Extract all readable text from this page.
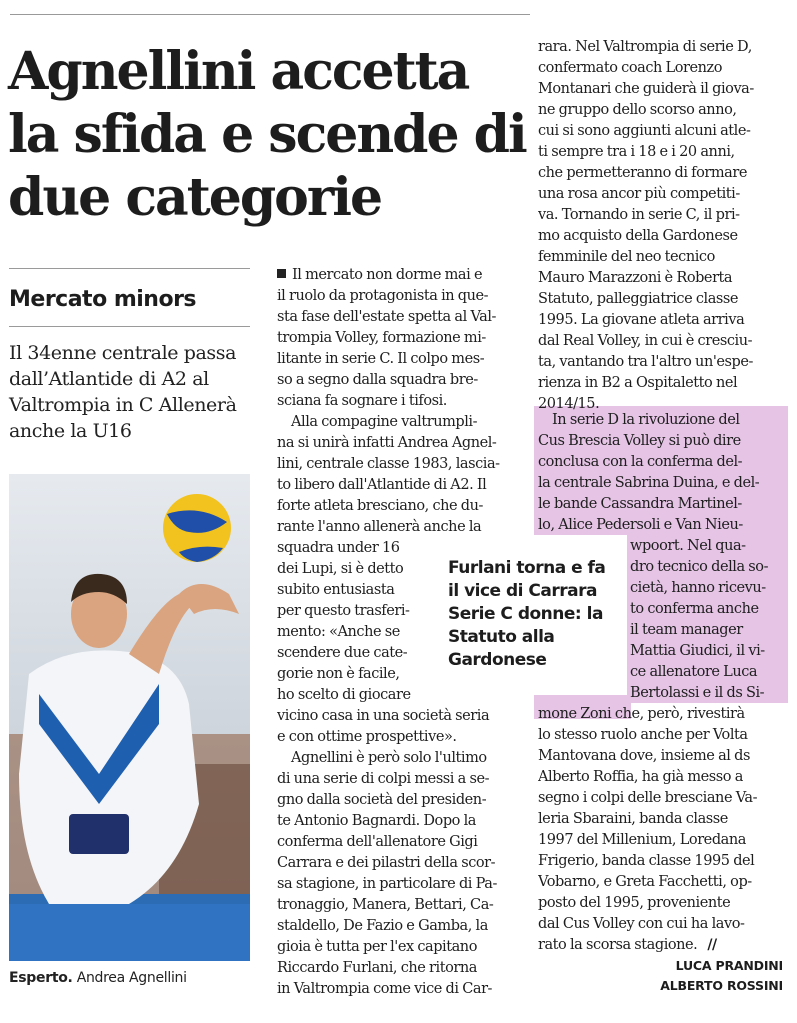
Agnellini accetta la sfida e scende di due categorie
Mercato minors

Il 34enne centrale passa dall’Atlantide di A2 al Valtrompia in C Allenerà anche la U16

Esperto. Andrea Agnellini

Il mercato non dorme mai e
il ruolo da protagonista in que-
sta fase dell'estate spetta al Val-
trompia Volley, formazione mi-
litante in serie C. Il colpo mes-
so a segno dalla squadra bre-
sciana fa sognare i tifosi.
Alla compagine valtrumpli-
na si unirà infatti Andrea Agnel-
lini, centrale classe 1983, lascia-
to libero dall'Atlantide di A2. Il
forte atleta bresciano, che du-
rante l'anno allenerà anche la
squadra under 16
dei Lupi, si è detto
subito entusiasta
per questo trasferi-
mento: «Anche se
scendere due cate-
gorie non è facile,
ho scelto di giocare
vicino casa in una società seria
e con ottime prospettive».
Agnellini è però solo l'ultimo
di una serie di colpi messi a se-
gno dalla società del presiden-
te Antonio Bagnardi. Dopo la
conferma dell'allenatore Gigi
Carrara e dei pilastri della scor-
sa stagione, in particolare di Pa-
tronaggio, Manera, Bettari, Ca-
staldello, De Fazio e Gamba, la
gioia è tutta per l'ex capitano
Riccardo Furlani, che ritorna
in Valtrompia come vice di Car-

Furlani torna e fa il vice di Carrara Serie C donne: la Statuto alla Gardonese

rara. Nel Valtrompia di serie D,
confermato coach Lorenzo
Montanari che guiderà il giova-
ne gruppo dello scorso anno,
cui si sono aggiunti alcuni atle-
ti sempre tra i 18 e i 20 anni,
che permetteranno di formare
una rosa ancor più competiti-
va. Tornando in serie C, il pri-
mo acquisto della Gardonese
femminile del neo tecnico
Mauro Marazzoni è Roberta
Statuto, palleggiatrice classe
1995. La giovane atleta arriva
dal Real Volley, in cui è cresciu-
ta, vantando tra l'altro un'espe-
rienza in B2 a Ospitaletto nel
2014/15.
In serie D la rivoluzione del
Cus Brescia Volley si può dire
conclusa con la conferma del-
la centrale Sabrina Duina, e del-
le bande Cassandra Martinel-
lo, Alice Pedersoli e Van Nieu-
wpoort. Nel qua-
dro tecnico della so-
cietà, hanno ricevu-
to conferma anche
il team manager
Mattia Giudici, il vi-
ce allenatore Luca
Bertolassi e il ds Si-
mone Zoni che, però, rivestirà
lo stesso ruolo anche per Volta
Mantovana dove, insieme al ds
Alberto Roffia, ha già messo a
segno i colpi delle bresciane Va-
leria Sbaraini, banda classe
1997 del Millenium, Loredana
Frigerio, banda classe 1995 del
Vobarno, e Greta Facchetti, op-
posto del 1995, proveniente
dal Cus Volley con cui ha lavo-
rato la scorsa stagione. //

LUCA PRANDINI

ALBERTO ROSSINI
